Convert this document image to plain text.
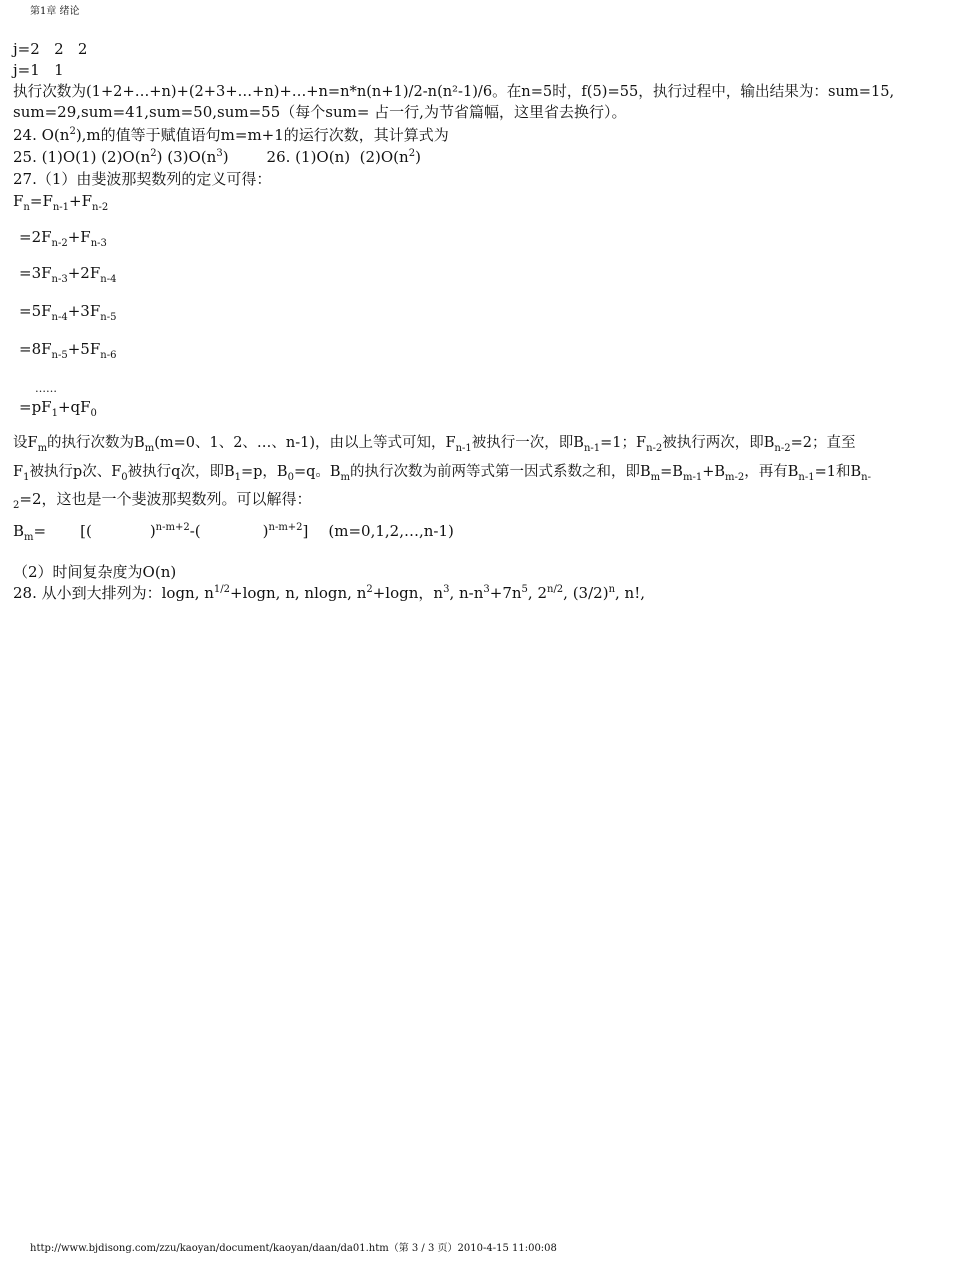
第1章 绪论
j=2   2   2
j=1   1
执行次数为(1+2+…+n)+(2+3+…+n)+…+n=n*n(n+1)/2-n(n²-1)/6。在n=5时，f(5)=55，执行过程中，输出结果为：sum=15,
sum=29,sum=41,sum=50,sum=55（每个sum= 占一行,为节省篇幅，这里省去换行）。
24. $O(n^2),m$的值等于赋值语句m=m+1的运行次数，其计算式为
25. (1)O(1) $(2)O(n^2)$ $(3)O(n^3)$	26. (1)O(n)  $(2)O(n^2)$
27.（1）由斐波那契数列的定义可得：
$F_n=F_{n-1}+F_{n-2}$
$=2F_{n-2}+F_{n-3}$
$=3F_{n-3}+2F_{n-4}$
$=5F_{n-4}+3F_{n-5}$
$=8F_{n-5}+5F_{n-6}$
……
$=pF_1+qF_0$
设$F_m$的执行次数为$B_m(m=0$、1、2、…、n-1)，由以上等式可知，$F_{n-1}$被执行一次，即$B_{n-1}=1$；$F_{n-2}$被执行两次，即$B_{n-2}=2$；直至
$F_1$被执行p次、$F_0$被执行q次，即$B_1=p$，$B_0=q$。$B_m$的执行次数为前两等式第一因式系数之和，即$B_m=B_{m-1}+B_{m-2}$，再有$B_{n-1}=1$和$B_{n-}$
$_2$=2，这也是一个斐波那契数列。可以解得：
$B_m=$ [(	)$^{n-m+2}$-(	)$^{n-m+2}$] (m=0,1,2,…,n-1)
（2）时间复杂度为O(n)
28. 从小到大排列为：logn, $n^{1/2}+\log n$, n, nlogn, $n^2+\log n$，$n^3$, $n-n^3+7n^5$, $2^{n/2}$, $(3/2)^n$, n!,
http://www.bjdisong.com/zzu/kaoyan/document/kaoyan/daan/da01.htm（第 3 / 3 页）2010-4-15 11:00:08
